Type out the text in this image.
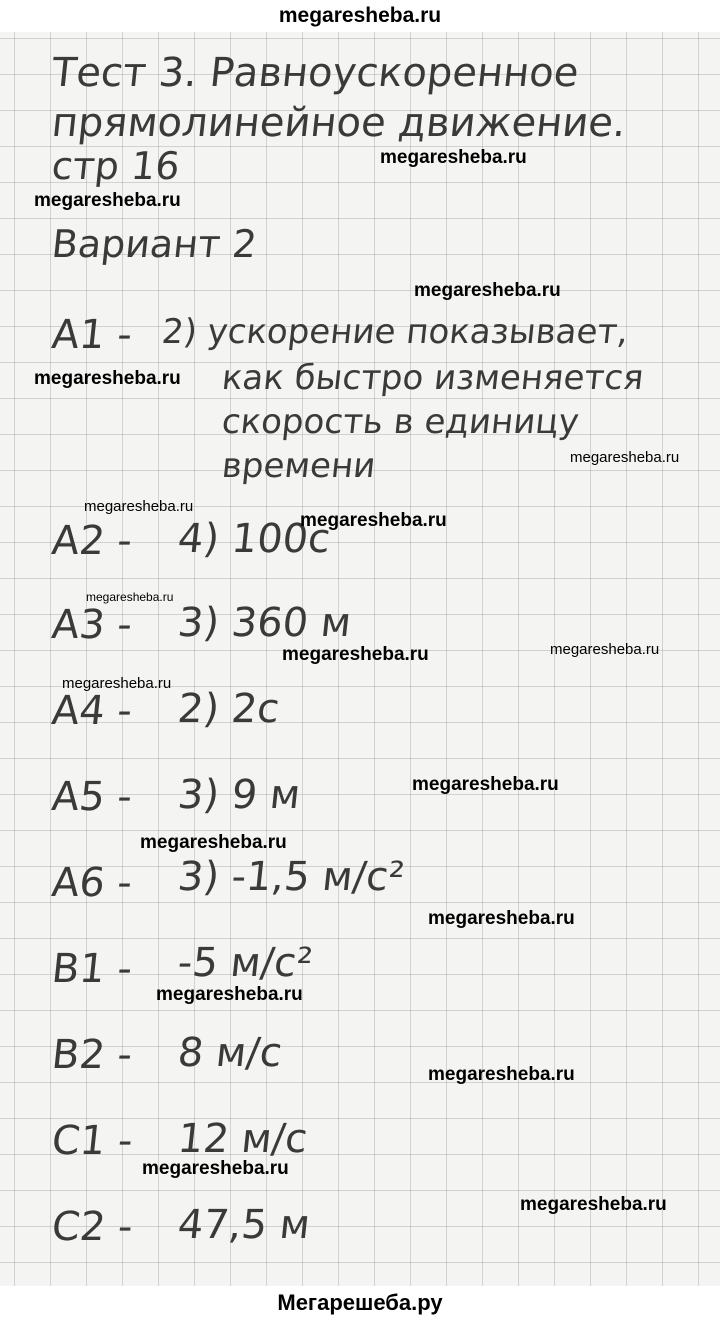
megaresheba.ru
Тест 3. Равноускоренное
прямолинейное движение.
стр 16
Вариант 2
А1 - 2) ускорение показывает,
как быстро изменяется
скорость в единицу
времени
А2 - 4) 100с
А3 - 3) 360 м
А4 - 2) 2с
А5 - 3) 9 м
А6 - 3) -1,5 м/с²
В1 - -5 м/с²
В2 - 8 м/с
С1 - 12 м/с
С2 - 47,5 м
megaresheba.ru
megaresheba.ru
megaresheba.ru
megaresheba.ru
megaresheba.ru
megaresheba.ru
megaresheba.ru
megaresheba.ru
megaresheba.ru
megaresheba.ru
megaresheba.ru
megaresheba.ru
megaresheba.ru
megaresheba.ru
megaresheba.ru
megaresheba.ru
megaresheba.ru
megaresheba.ru
Мегарешеба.ру
